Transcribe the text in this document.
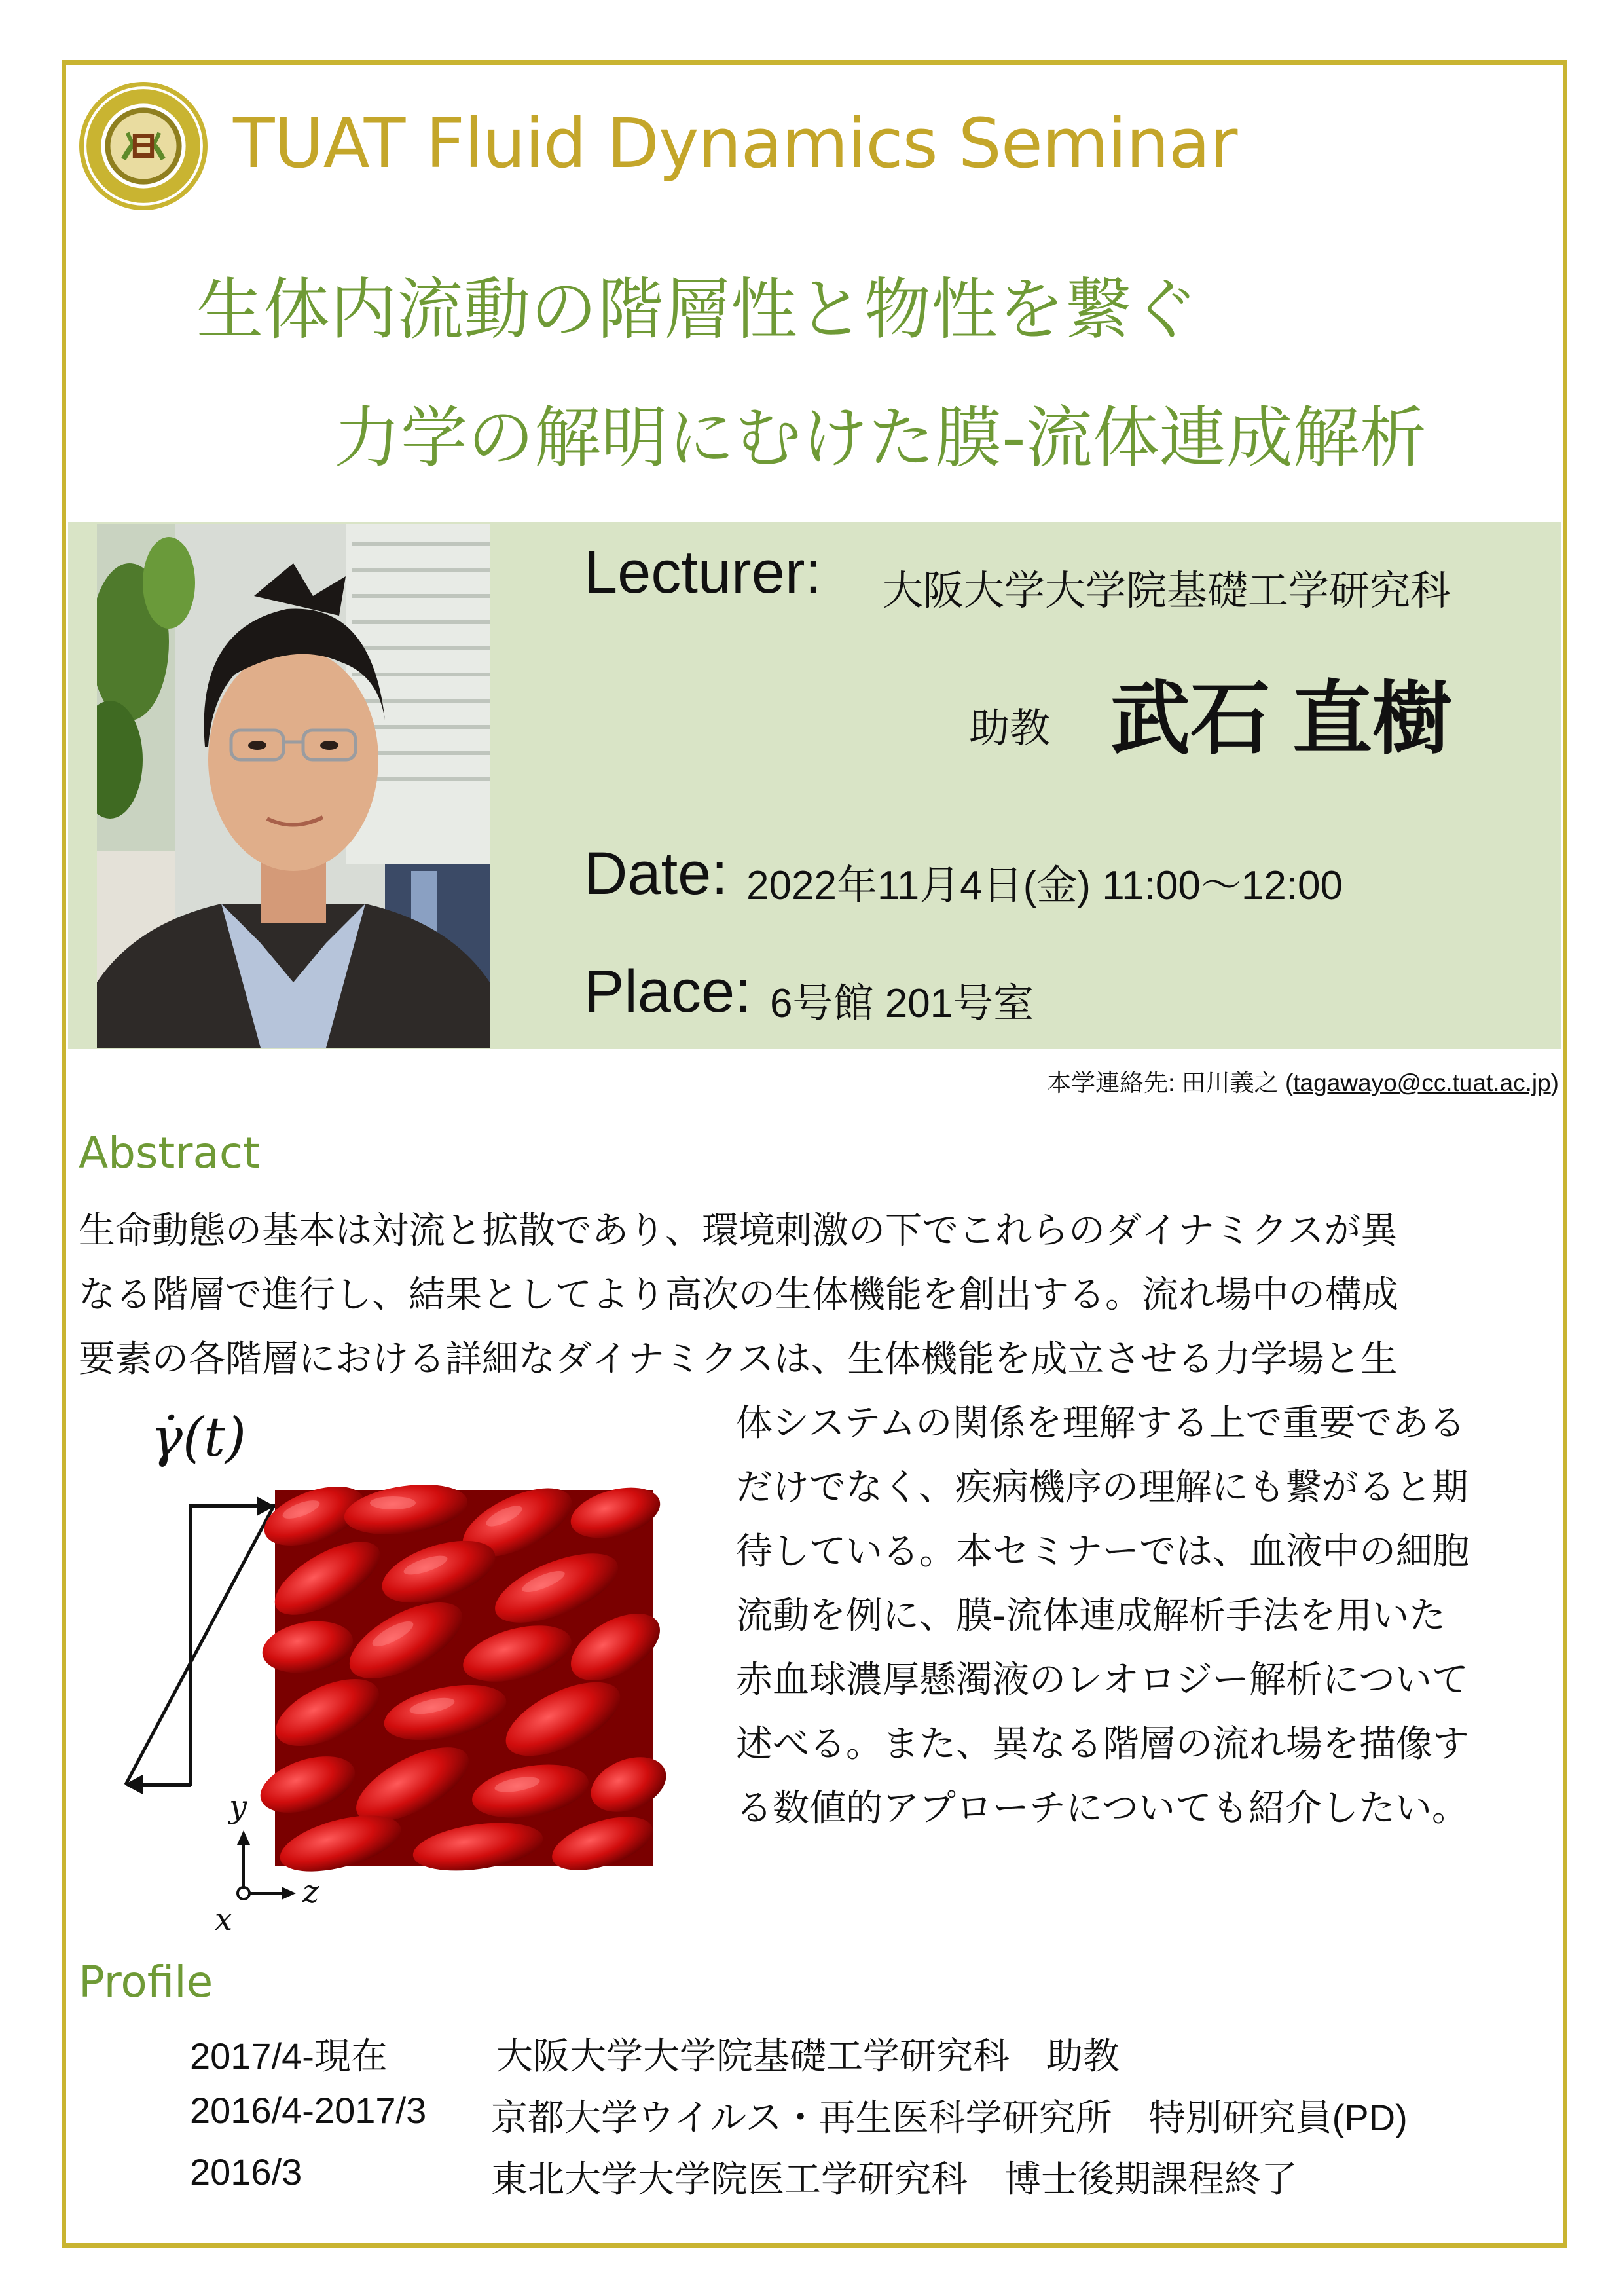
TUAT Fluid Dynamics Seminar
生体内流動の階層性と物性を繋ぐ
力学の解明にむけた膜-流体連成解析
Lecturer: 大阪大学大学院基礎工学研究科
助教 武石 直樹
Date: 2022年11月4日(金) 11:00〜12:00
Place: 6号館 201号室
本学連絡先: 田川義之 (tagawayo@cc.tuat.ac.jp)
Abstract
生命動態の基本は対流と拡散であり、環境刺激の下でこれらのダイナミクスが異
なる階層で進行し、結果としてより高次の生体機能を創出する。流れ場中の構成
要素の各階層における詳細なダイナミクスは、生体機能を成立させる力学場と生
体システムの関係を理解する上で重要である
だけでなく、疾病機序の理解にも繋がると期
待している。本セミナーでは、血液中の細胞
流動を例に、膜-流体連成解析手法を用いた
赤血球濃厚懸濁液のレオロジー解析について
述べる。また、異なる階層の流れ場を描像す
る数値的アプローチについても紹介したい。
γ̇(t)
y
z
x
Profile
2017/4-現在	大阪大学大学院基礎工学研究科　助教
2016/4-2017/3 京都大学ウイルス・再生医科学研究所　特別研究員(PD)
2016/3	東北大学大学院医工学研究科　博士後期課程終了
